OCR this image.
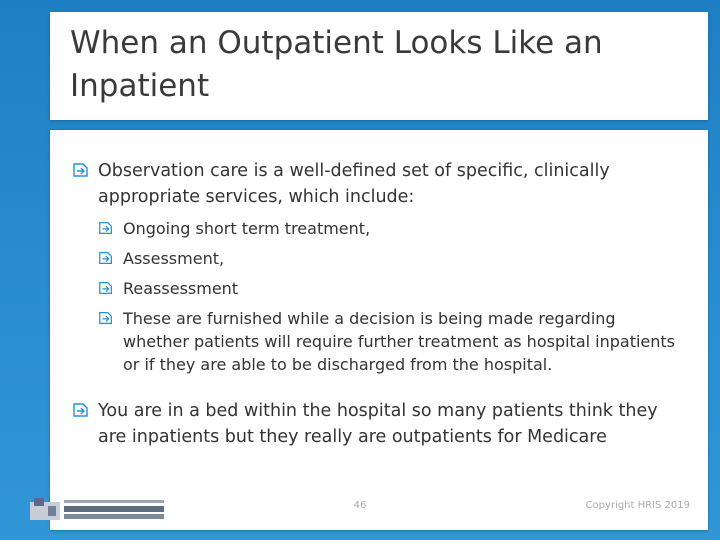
When an Outpatient Looks Like an Inpatient
Observation care is a well-defined set of specific, clinically appropriate services, which include:
Ongoing short term treatment,
Assessment,
Reassessment
These are furnished while a decision is being made regarding whether patients will require further treatment as hospital inpatients or if they are able to be discharged from the hospital.
You are in a bed within the hospital so many patients think they are inpatients but they really are outpatients for Medicare
46	Copyright HRIS 2019
